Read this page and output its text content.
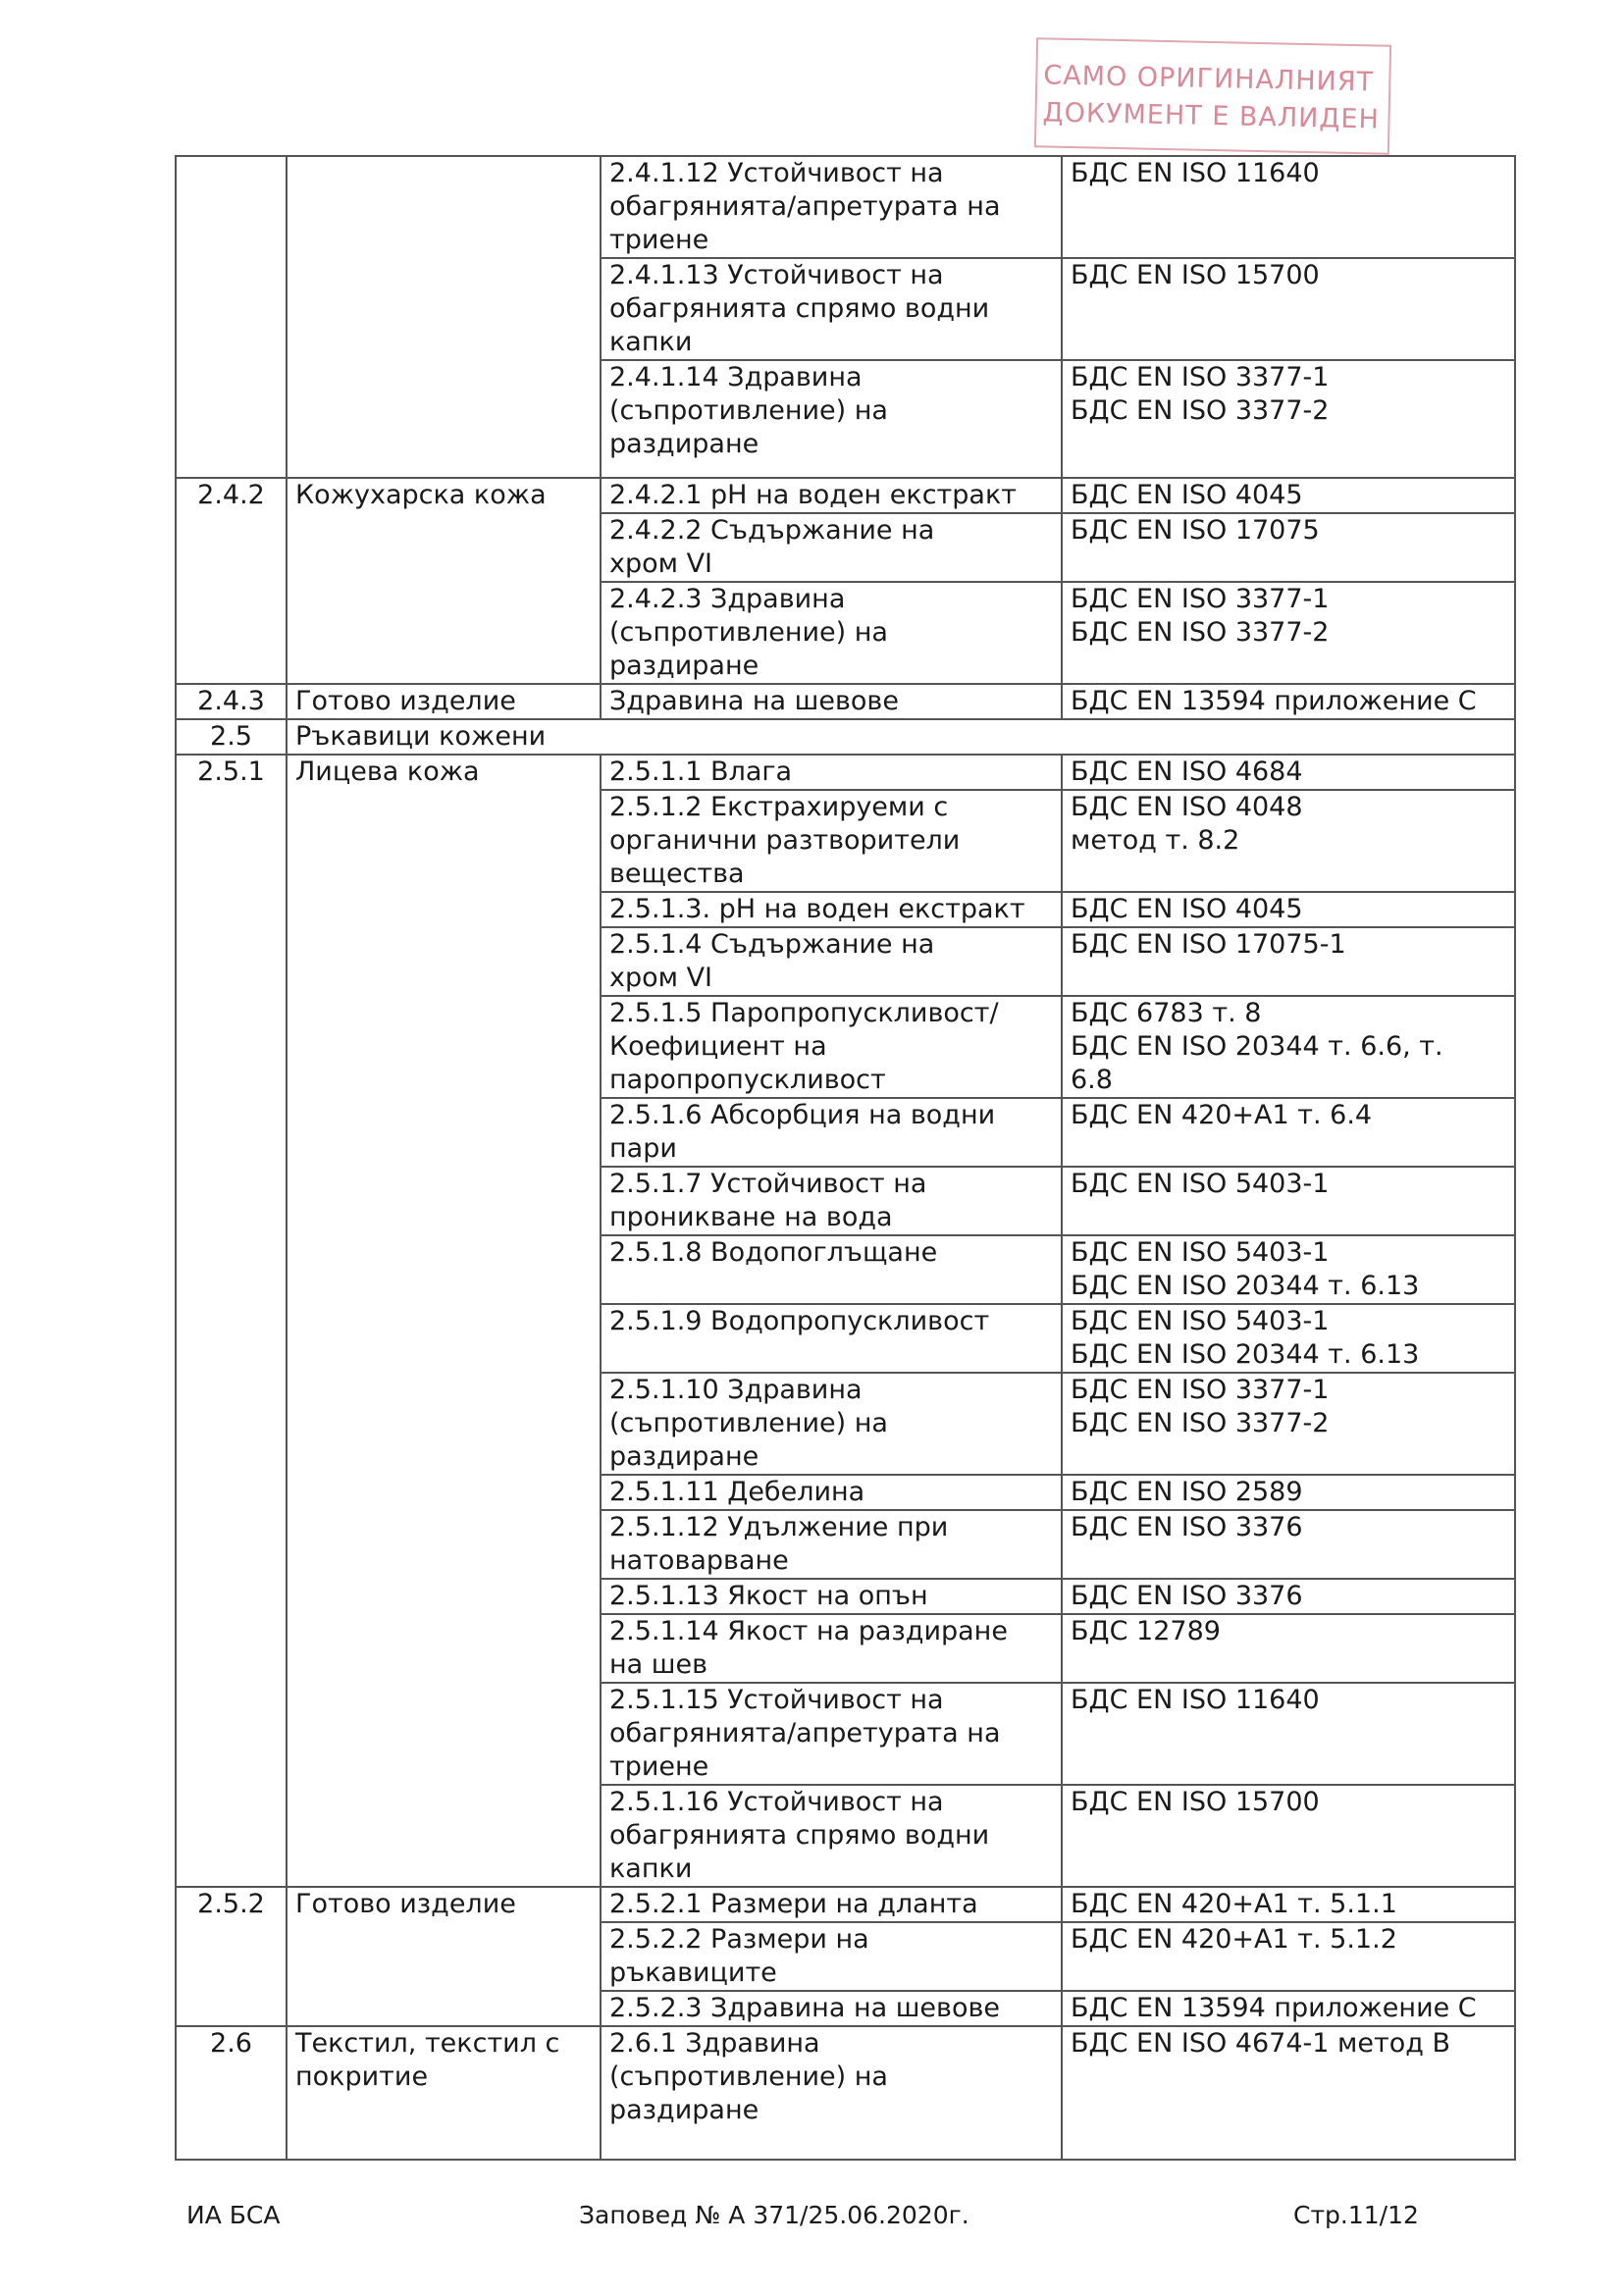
САМО ОРИГИНАЛНИЯТ
ДОКУМЕНТ Е ВАЛИДЕН
		2.4.1.12 Устойчивост на
обагрянията/апретурата на
триене	БДС EN ISO 11640
		2.4.1.13 Устойчивост на
обагрянията спрямо водни
капки	БДС EN ISO 15700
		2.4.1.14 Здравина
(съпротивление) на
раздиране	БДС EN ISO 3377-1
БДС EN ISO 3377-2
2.4.2	Кожухарска кожа	2.4.2.1 pH на воден екстракт	БДС EN ISO 4045
		2.4.2.2 Съдържание на
хром VI	БДС EN ISO 17075
		2.4.2.3 Здравина
(съпротивление) на
раздиране	БДС EN ISO 3377-1
БДС EN ISO 3377-2
2.4.3	Готово изделие	Здравина на шевове	БДС EN 13594 приложение C
2.5	Ръкавици кожени		
2.5.1	Лицева кожа	2.5.1.1 Влага	БДС EN ISO 4684
		2.5.1.2 Екстрахируеми с
органични разтворители
вещества	БДС EN ISO 4048
метод т. 8.2
		2.5.1.3. pH на воден екстракт	БДС EN ISO 4045
		2.5.1.4 Съдържание на
хром VI	БДС EN ISO 17075-1
		2.5.1.5 Паропропускливост/
Коефициент на
паропропускливост	БДС 6783 т. 8
БДС EN ISO 20344 т. 6.6, т.
6.8
		2.5.1.6 Абсорбция на водни
пари	БДС EN 420+A1 т. 6.4
		2.5.1.7 Устойчивост на
проникване на вода	БДС EN ISO 5403-1
		2.5.1.8 Водопоглъщане	БДС EN ISO 5403-1
БДС EN ISO 20344 т. 6.13
		2.5.1.9 Водопропускливост	БДС EN ISO 5403-1
БДС EN ISO 20344 т. 6.13
		2.5.1.10 Здравина
(съпротивление) на
раздиране	БДС EN ISO 3377-1
БДС EN ISO 3377-2
		2.5.1.11 Дебелина	БДС EN ISO 2589
		2.5.1.12 Удължение при
натоварване	БДС EN ISO 3376
		2.5.1.13 Якост на опън	БДС EN ISO 3376
		2.5.1.14 Якост на раздиране
на шев	БДС 12789
		2.5.1.15 Устойчивост на
обагрянията/апретурата на
триене	БДС EN ISO 11640
		2.5.1.16 Устойчивост на
обагрянията спрямо водни
капки	БДС EN ISO 15700
2.5.2	Готово изделие	2.5.2.1 Размери на дланта	БДС EN 420+A1 т. 5.1.1
		2.5.2.2 Размери на
ръкавиците	БДС EN 420+A1 т. 5.1.2
		2.5.2.3 Здравина на шевове	БДС EN 13594 приложение C
2.6	Текстил, текстил с
покритие	2.6.1 Здравина
(съпротивление) на
раздиране	БДС EN ISO 4674-1 метод B
ИА БСА	Заповед № А 371/25.06.2020г.	Стр.11/12
